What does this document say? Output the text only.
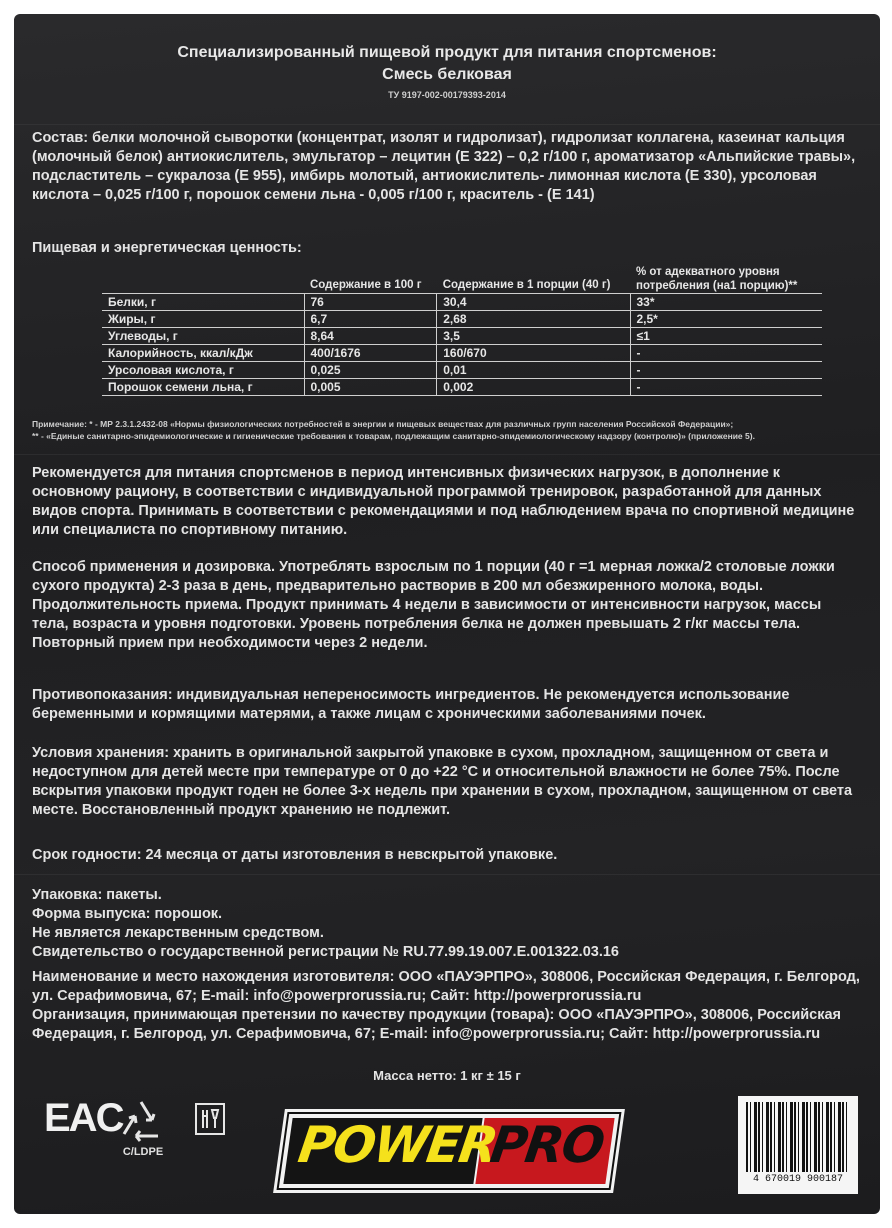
Специализированный пищевой продукт для питания спортсменов:
Смесь белковая
ТУ 9197-002-00179393-2014
Состав: белки молочной сыворотки (концентрат, изолят и гидролизат), гидролизат коллагена, казеинат кальция (молочный белок) антиокислитель, эмульгатор – лецитин (Е 322) – 0,2 г/100 г, ароматизатор «Альпийские травы», подсластитель – сукралоза (Е 955), имбирь молотый, антиокислитель- лимонная кислота (Е 330), урсоловая кислота – 0,025 г/100 г, порошок семени льна - 0,005 г/100 г, краситель - (Е 141)
Пищевая и энергетическая ценность:
	Содержание в 100 г	Содержание в 1 порции (40 г)	% от адекватного уровня потребления (на1 порцию)**
Белки, г	76	30,4	33*
Жиры, г	6,7	2,68	2,5*
Углеводы, г	8,64	3,5	≤1
Калорийность, ккал/кДж	400/1676	160/670	-
Урсоловая кислота, г	0,025	0,01	-
Порошок семени льна, г	0,005	0,002	-
Примечание: * - МР 2.3.1.2432-08 «Нормы физиологических потребностей в энергии и пищевых веществах для различных групп населения Российской Федерации»;
** - «Единые санитарно-эпидемиологические и гигиенические требования к товарам, подлежащим санитарно-эпидемиологическому надзору (контролю)» (приложение 5).
Рекомендуется для питания спортсменов в период интенсивных физических нагрузок, в дополнение к основному рациону, в соответствии с индивидуальной программой тренировок, разработанной для данных видов спорта. Принимать в соответствии с рекомендациями и под наблюдением врача по спортивной медицине или специалиста по спортивному питанию.
Способ применения и дозировка. Употреблять взрослым по 1 порции (40 г =1 мерная ложка/2 столовые ложки сухого продукта) 2-3 раза в день, предварительно растворив в 200 мл обезжиренного молока, воды.
Продолжительность приема. Продукт принимать 4 недели в зависимости от интенсивности нагрузок, массы тела, возраста и уровня подготовки. Уровень потребления белка не должен превышать 2 г/кг массы тела. Повторный прием при необходимости через 2 недели.
Противопоказания: индивидуальная непереносимость ингредиентов. Не рекомендуется использование беременными и кормящими матерями, а также лицам с хроническими заболеваниями почек.
Условия хранения: хранить в оригинальной закрытой упаковке в сухом, прохладном, защищенном от света и недоступном для детей месте при температуре от 0 до +22 °С и относительной влажности не более 75%. После вскрытия упаковки продукт годен не более 3-х недель при хранении в сухом, прохладном, защищенном от света месте. Восстановленный продукт хранению не подлежит.
Срок годности: 24 месяца от даты изготовления в невскрытой упаковке.
Упаковка: пакеты.
Форма выпуска: порошок.
Не является лекарственным средством.
Свидетельство о государственной регистрации № RU.77.99.19.007.Е.001322.03.16
Наименование и место нахождения изготовителя: ООО «ПАУЭРПРО», 308006, Российская Федерация, г. Белгород, ул. Серафимовича, 67; E-mail: info@powerprorussia.ru; Сайт: http://powerprorussia.ru
Организация, принимающая претензии по качеству продукции (товара): ООО «ПАУЭРПРО», 308006, Российская Федерация, г. Белгород, ул. Серафимовича, 67; E-mail: info@powerprorussia.ru; Сайт: http://powerprorussia.ru
Масса нетто: 1 кг ± 15 г
EAC
C/LDPE	POWER
PRO
4 670019 900187
